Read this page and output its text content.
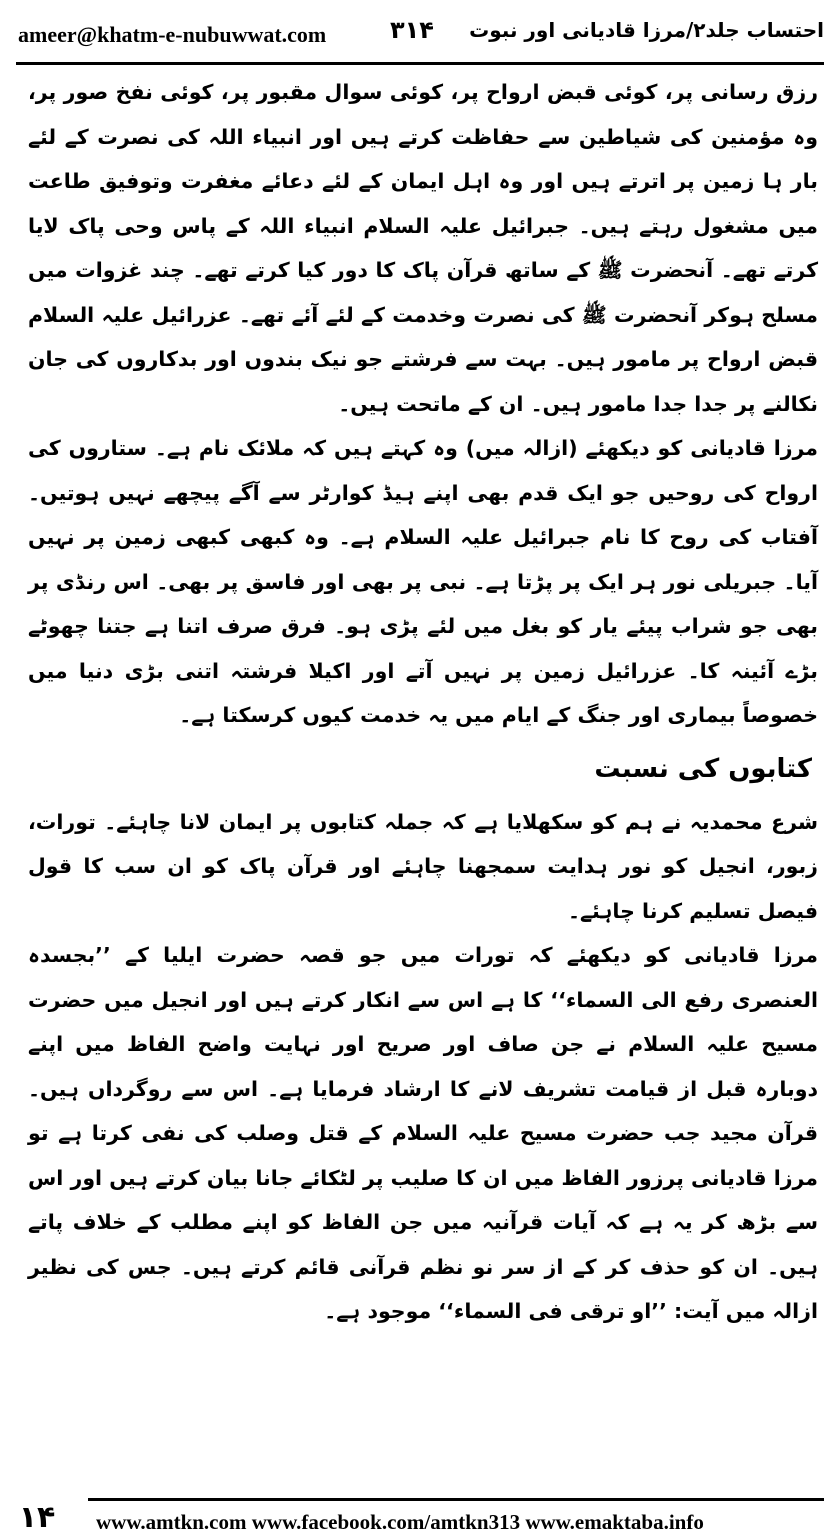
ameer@khatm-e-nubuwwat.com	۳۱۴ احتساب جلد۲/مرزا قادیانی اور نبوت

رزق رسانی پر، کوئی قبض ارواح پر، کوئی سوال مقبور پر، کوئی نفخ صور پر، وہ مؤمنین کی شیاطین سے حفاظت کرتے ہیں اور انبیاء اللہ کی نصرت کے لئے بار ہا زمین پر اترتے ہیں اور وہ اہل ایمان کے لئے دعائے مغفرت وتوفیق طاعت میں مشغول رہتے ہیں۔ جبرائیل علیہ السلام انبیاء اللہ کے پاس وحی پاک لایا کرتے تھے۔ آنحضرت ﷺ کے ساتھ قرآن پاک کا دور کیا کرتے تھے۔ چند غزوات میں مسلح ہوکر آنحضرت ﷺ کی نصرت وخدمت کے لئے آئے تھے۔ عزرائیل علیہ السلام قبض ارواح پر مامور ہیں۔ بہت سے فرشتے جو نیک بندوں اور بدکاروں کی جان نکالنے پر جدا جدا مامور ہیں۔ ان کے ماتحت ہیں۔

مرزا قادیانی کو دیکھئے (ازالہ میں) وہ کہتے ہیں کہ ملائک نام ہے۔ ستاروں کی ارواح کی روحیں جو ایک قدم بھی اپنے ہیڈ کوارٹر سے آگے پیچھے نہیں ہوتیں۔ آفتاب کی روح کا نام جبرائیل علیہ السلام ہے۔ وہ کبھی کبھی زمین پر نہیں آیا۔ جبریلی نور ہر ایک پر پڑتا ہے۔ نبی پر بھی اور فاسق پر بھی۔ اس رنڈی پر بھی جو شراب پیئے یار کو بغل میں لئے پڑی ہو۔ فرق صرف اتنا ہے جتنا چھوٹے بڑے آئینہ کا۔ عزرائیل زمین پر نہیں آتے اور اکیلا فرشتہ اتنی بڑی دنیا میں خصوصاً بیماری اور جنگ کے ایام میں یہ خدمت کیوں کرسکتا ہے۔

کتابوں کی نسبت

شرع محمدیہ نے ہم کو سکھلایا ہے کہ جملہ کتابوں پر ایمان لانا چاہئے۔ تورات، زبور، انجیل کو نور ہدایت سمجھنا چاہئے اور قرآن پاک کو ان سب کا قول فیصل تسلیم کرنا چاہئے۔

مرزا قادیانی کو دیکھئے کہ تورات میں جو قصہ حضرت ایلیا کے ’’بجسدہ العنصری رفع الی السماء‘‘ کا ہے اس سے انکار کرتے ہیں اور انجیل میں حضرت مسیح علیہ السلام نے جن صاف اور صریح اور نہایت واضح الفاظ میں اپنے دوبارہ قبل از قیامت تشریف لانے کا ارشاد فرمایا ہے۔ اس سے روگرداں ہیں۔ قرآن مجید جب حضرت مسیح علیہ السلام کے قتل وصلب کی نفی کرتا ہے تو مرزا قادیانی پرزور الفاظ میں ان کا صلیب پر لٹکائے جانا بیان کرتے ہیں اور اس سے بڑھ کر یہ ہے کہ آیات قرآنیہ میں جن الفاظ کو اپنے مطلب کے خلاف پاتے ہیں۔ ان کو حذف کر کے از سر نو نظم قرآنی قائم کرتے ہیں۔ جس کی نظیر ازالہ میں آیت: ’’او ترقی فی السماء‘‘ موجود ہے۔

۱۴	www.amtkn.com www.facebook.com/amtkn313 www.emaktaba.info
